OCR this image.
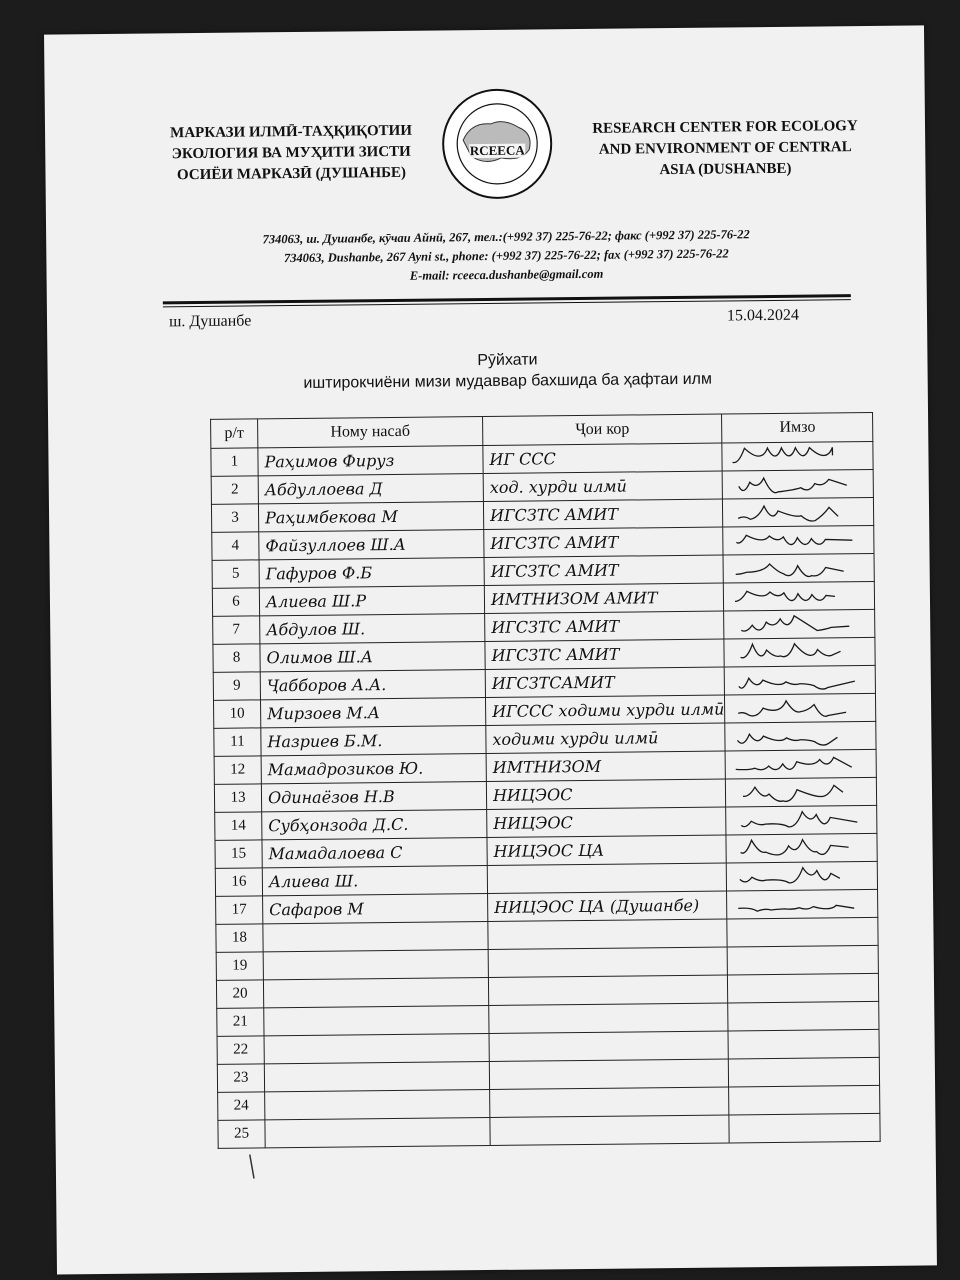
МАРКАЗИ ИЛМӢ-ТАҲҚИҚОТИИ
ЭКОЛОГИЯ ВА МУҲИТИ ЗИСТИ
ОСИЁИ МАРКАЗӢ (ДУШАНБЕ)
RCEECA
RESEARCH CENTER FOR ECOLOGY
AND ENVIRONMENT OF CENTRAL
ASIA (DUSHANBE)
734063, ш. Душанбе, кӯчаи Айнӣ, 267, тел.:(+992 37) 225-76-22; факс (+992 37) 225-76-22
734063, Dushanbe, 267 Ayni st., phone: (+992 37) 225-76-22; fax (+992 37) 225-76-22
E-mail: rceeca.dushanbe@gmail.com
ш. Душанбе	15.04.2024
Рӯйхати
иштирокчиёни мизи мудаввар бахшида ба ҳафтаи илм
р/т	Ному насаб	Ҷои кор	Имзо
1	Раҳимов Фируз	ИГ ССС	

2	Абдуллоева Д	ход. хурди илмӣ	

3	Раҳимбекова М	ИГСЗТС АМИТ	

4	Файзуллоев Ш.А	ИГСЗТС АМИТ	

5	Гафуров Ф.Б	ИГСЗТС АМИТ	

6	Алиева Ш.Р	ИМТНИЗОМ АМИТ	

7	Абдулов Ш.	ИГСЗТС АМИТ	

8	Олимов Ш.А	ИГСЗТС АМИТ	

9	Ҷабборов А.А.	ИГСЗТСАМИТ	

10	Мирзоев М.А	ИГССС ходими хурди илмӣ	

11	Назриев Б.М.	ходими хурди илмӣ	

12	Мамадрозиков Ю.	ИМТНИЗОМ	

13	Одинаёзов Н.В	НИЦЭОС	

14	Субҳонзода Д.С.	НИЦЭОС	

15	Мамадалоева С	НИЦЭОС ЦА	

16	Алиева Ш.		

17	Сафаров М	НИЦЭОС ЦА (Душанбе)	

18			
19			
20			
21			
22			
23			
24			
25			
